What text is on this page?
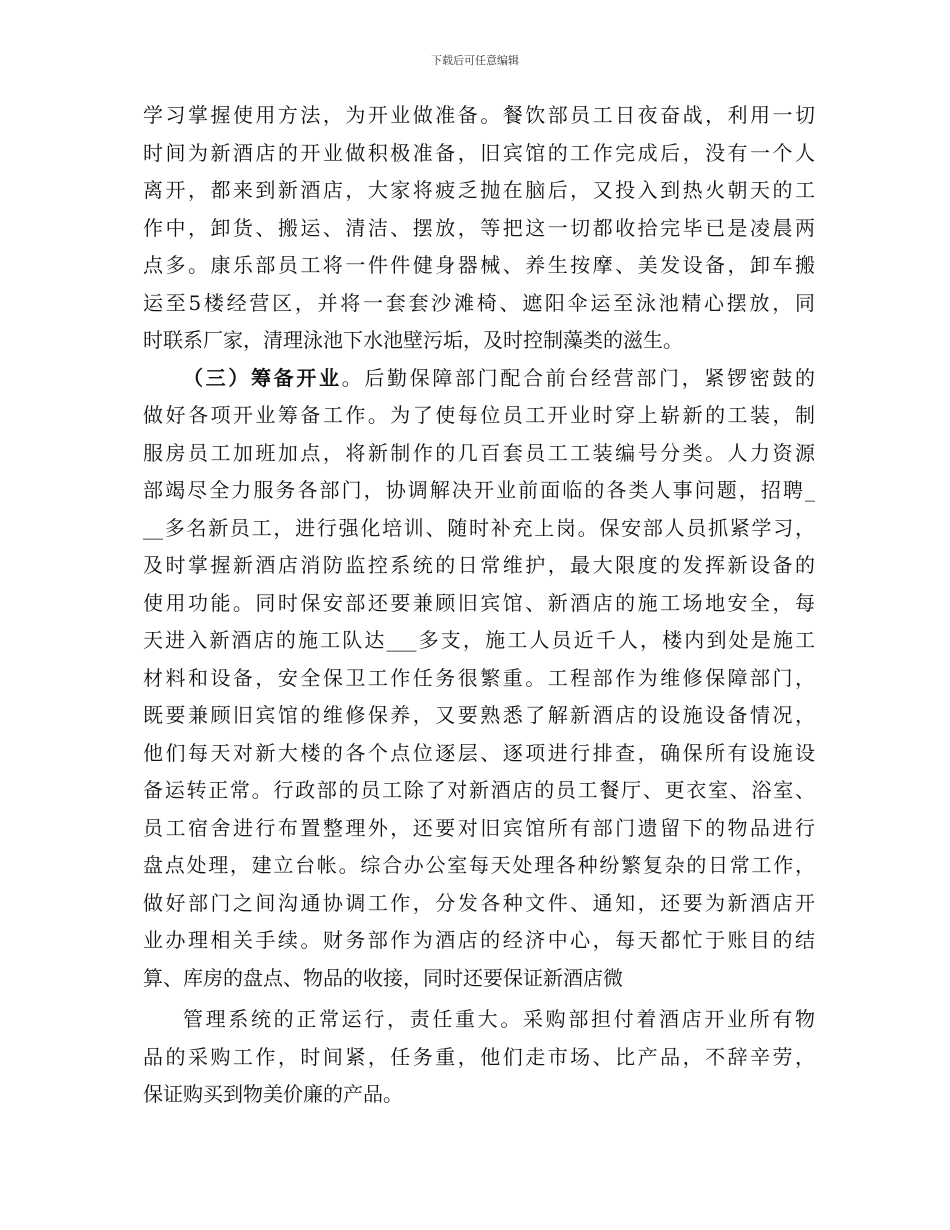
下载后可任意编辑
学习掌握使用方法，为开业做准备。餐饮部员工日夜奋战，利用一切
时间为新酒店的开业做积极准备，旧宾馆的工作完成后，没有一个人
离开，都来到新酒店，大家将疲乏抛在脑后，又投入到热火朝天的工
作中，卸货、搬运、清洁、摆放，等把这一切都收拾完毕已是凌晨两
点多。康乐部员工将一件件健身器械、养生按摩、美发设备，卸车搬
运至5楼经营区，并将一套套沙滩椅、遮阳伞运至泳池精心摆放，同
时联系厂家，清理泳池下水池壁污垢，及时控制藻类的滋生。
（三）筹备开业。后勤保障部门配合前台经营部门，紧锣密鼓的
做好各项开业筹备工作。为了使每位员工开业时穿上崭新的工装，制
服房员工加班加点，将新制作的几百套员工工装编号分类。人力资源
部竭尽全力服务各部门，协调解决开业前面临的各类人事问题，招聘_
__多名新员工，进行强化培训、随时补充上岗。保安部人员抓紧学习，
及时掌握新酒店消防监控系统的日常维护，最大限度的发挥新设备的
使用功能。同时保安部还要兼顾旧宾馆、新酒店的施工场地安全，每
天进入新酒店的施工队达___多支，施工人员近千人，楼内到处是施工
材料和设备，安全保卫工作任务很繁重。工程部作为维修保障部门，
既要兼顾旧宾馆的维修保养，又要熟悉了解新酒店的设施设备情况，
他们每天对新大楼的各个点位逐层、逐项进行排查，确保所有设施设
备运转正常。行政部的员工除了对新酒店的员工餐厅、更衣室、浴室、
员工宿舍进行布置整理外，还要对旧宾馆所有部门遗留下的物品进行
盘点处理，建立台帐。综合办公室每天处理各种纷繁复杂的日常工作，
做好部门之间沟通协调工作，分发各种文件、通知，还要为新酒店开
业办理相关手续。财务部作为酒店的经济中心，每天都忙于账目的结
算、库房的盘点、物品的收接，同时还要保证新酒店微
管理系统的正常运行，责任重大。采购部担付着酒店开业所有物
品的采购工作，时间紧，任务重，他们走市场、比产品，不辞辛劳，
保证购买到物美价廉的产品。
